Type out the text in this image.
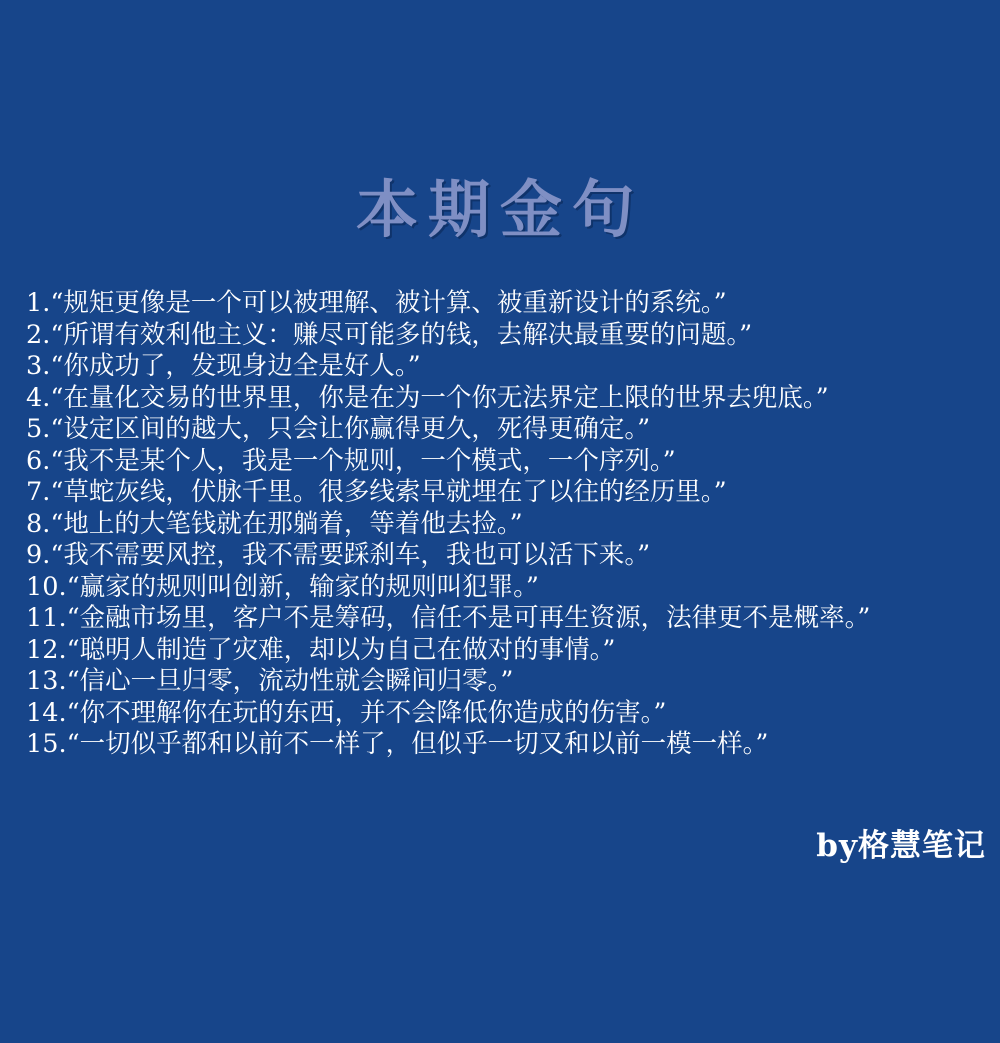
本期金句
1.“规矩更像是一个可以被理解、被计算、被重新设计的系统。”
2.“所谓有效利他主义：赚尽可能多的钱，去解决最重要的问题。”
3.“你成功了，发现身边全是好人。”
4.“在量化交易的世界里，你是在为一个你无法界定上限的世界去兜底。”
5.“设定区间的越大，只会让你赢得更久，死得更确定。”
6.“我不是某个人，我是一个规则，一个模式，一个序列。”
7.“草蛇灰线，伏脉千里。很多线索早就埋在了以往的经历里。”
8.“地上的大笔钱就在那躺着，等着他去捡。”
9.“我不需要风控，我不需要踩刹车，我也可以活下来。”
10.“赢家的规则叫创新，输家的规则叫犯罪。”
11.“金融市场里，客户不是筹码，信任不是可再生资源，法律更不是概率。”
12.“聪明人制造了灾难，却以为自己在做对的事情。”
13.“信心一旦归零，流动性就会瞬间归零。”
14.“你不理解你在玩的东西，并不会降低你造成的伤害。”
15.“一切似乎都和以前不一样了，但似乎一切又和以前一模一样。”
by格慧笔记
